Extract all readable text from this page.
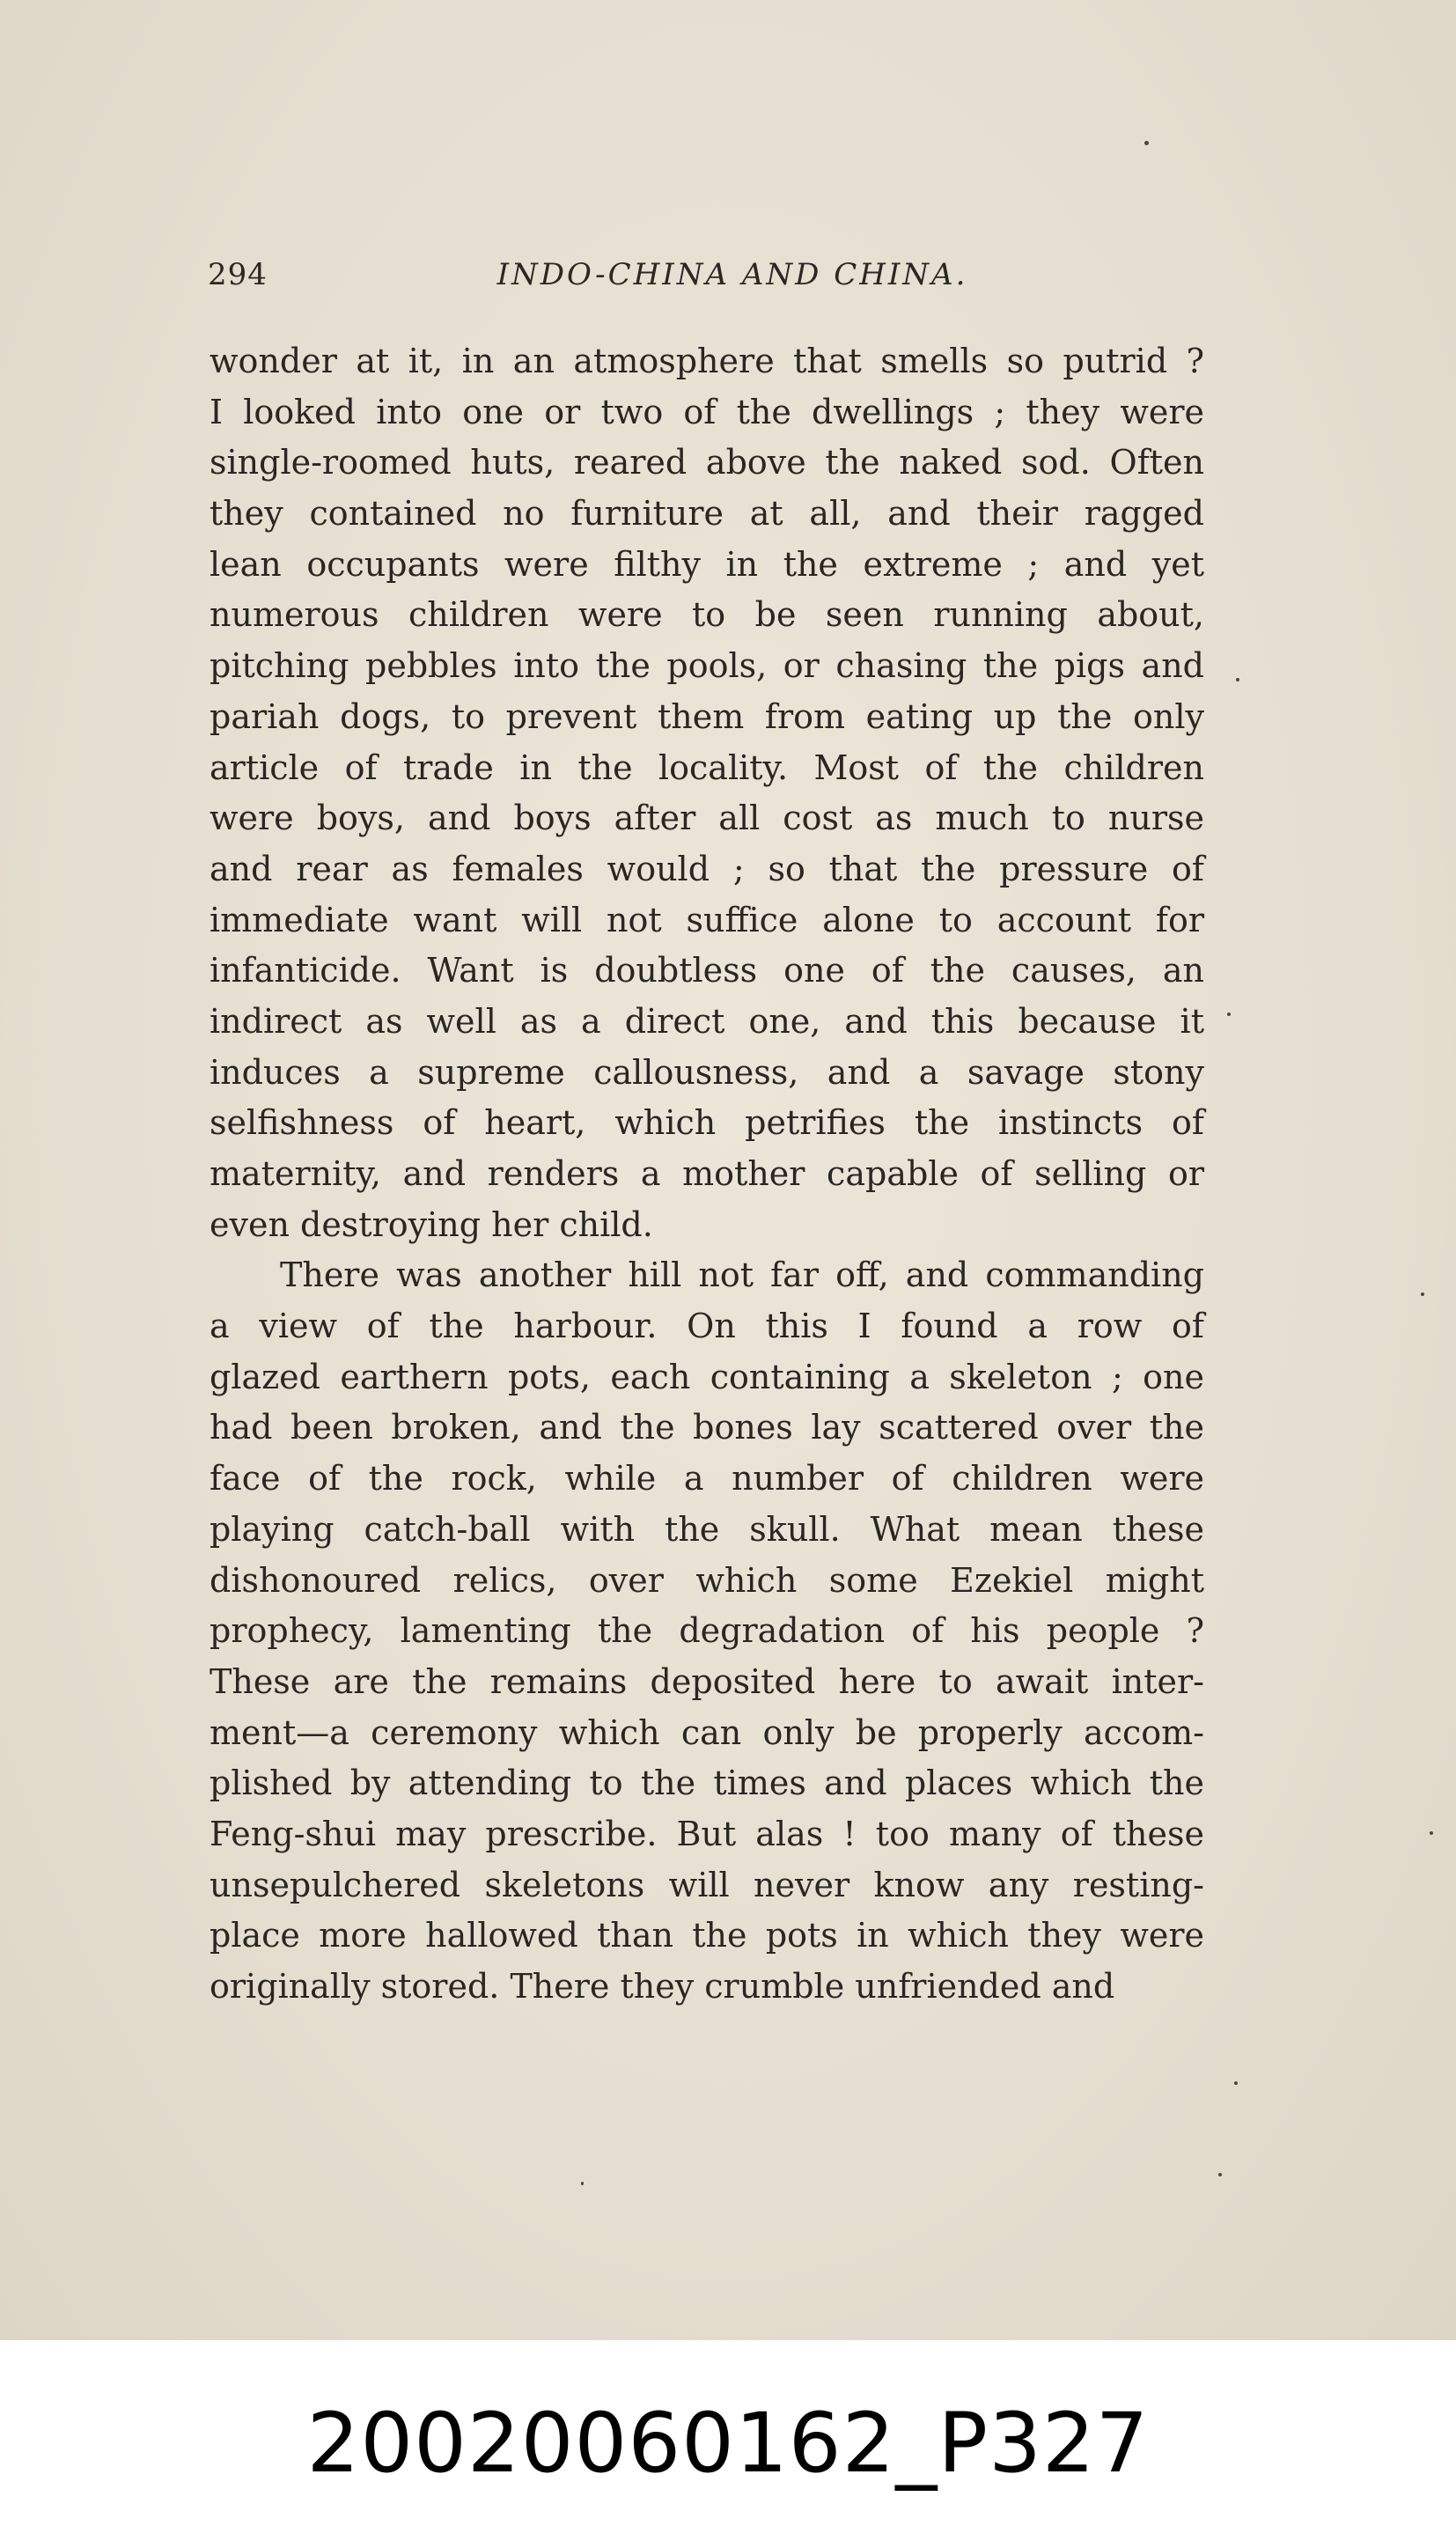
294	INDO-CHINA AND CHINA.
wonder at it, in an atmosphere that smells so putrid ?
I looked into one or two of the dwellings ; they were
single-roomed huts, reared above the naked sod. Often
they contained no furniture at all, and their ragged
lean occupants were filthy in the extreme ; and yet
numerous children were to be seen running about,
pitching pebbles into the pools, or chasing the pigs and
pariah dogs, to prevent them from eating up the only
article of trade in the locality. Most of the children
were boys, and boys after all cost as much to nurse
and rear as females would ; so that the pressure of
immediate want will not suffice alone to account for
infanticide. Want is doubtless one of the causes, an
indirect as well as a direct one, and this because it
induces a supreme callousness, and a savage stony
selfishness of heart, which petrifies the instincts of
maternity, and renders a mother capable of selling or
even destroying her child.
There was another hill not far off, and commanding
a view of the harbour. On this I found a row of
glazed earthern pots, each containing a skeleton ; one
had been broken, and the bones lay scattered over the
face of the rock, while a number of children were
playing catch-ball with the skull. What mean these
dishonoured relics, over which some Ezekiel might
prophecy, lamenting the degradation of his people ?
These are the remains deposited here to await inter-
ment—a ceremony which can only be properly accom-
plished by attending to the times and places which the
Feng-shui may prescribe. But alas ! too many of these
unsepulchered skeletons will never know any resting-
place more hallowed than the pots in which they were
originally stored. There they crumble unfriended and
20020060162_P327
